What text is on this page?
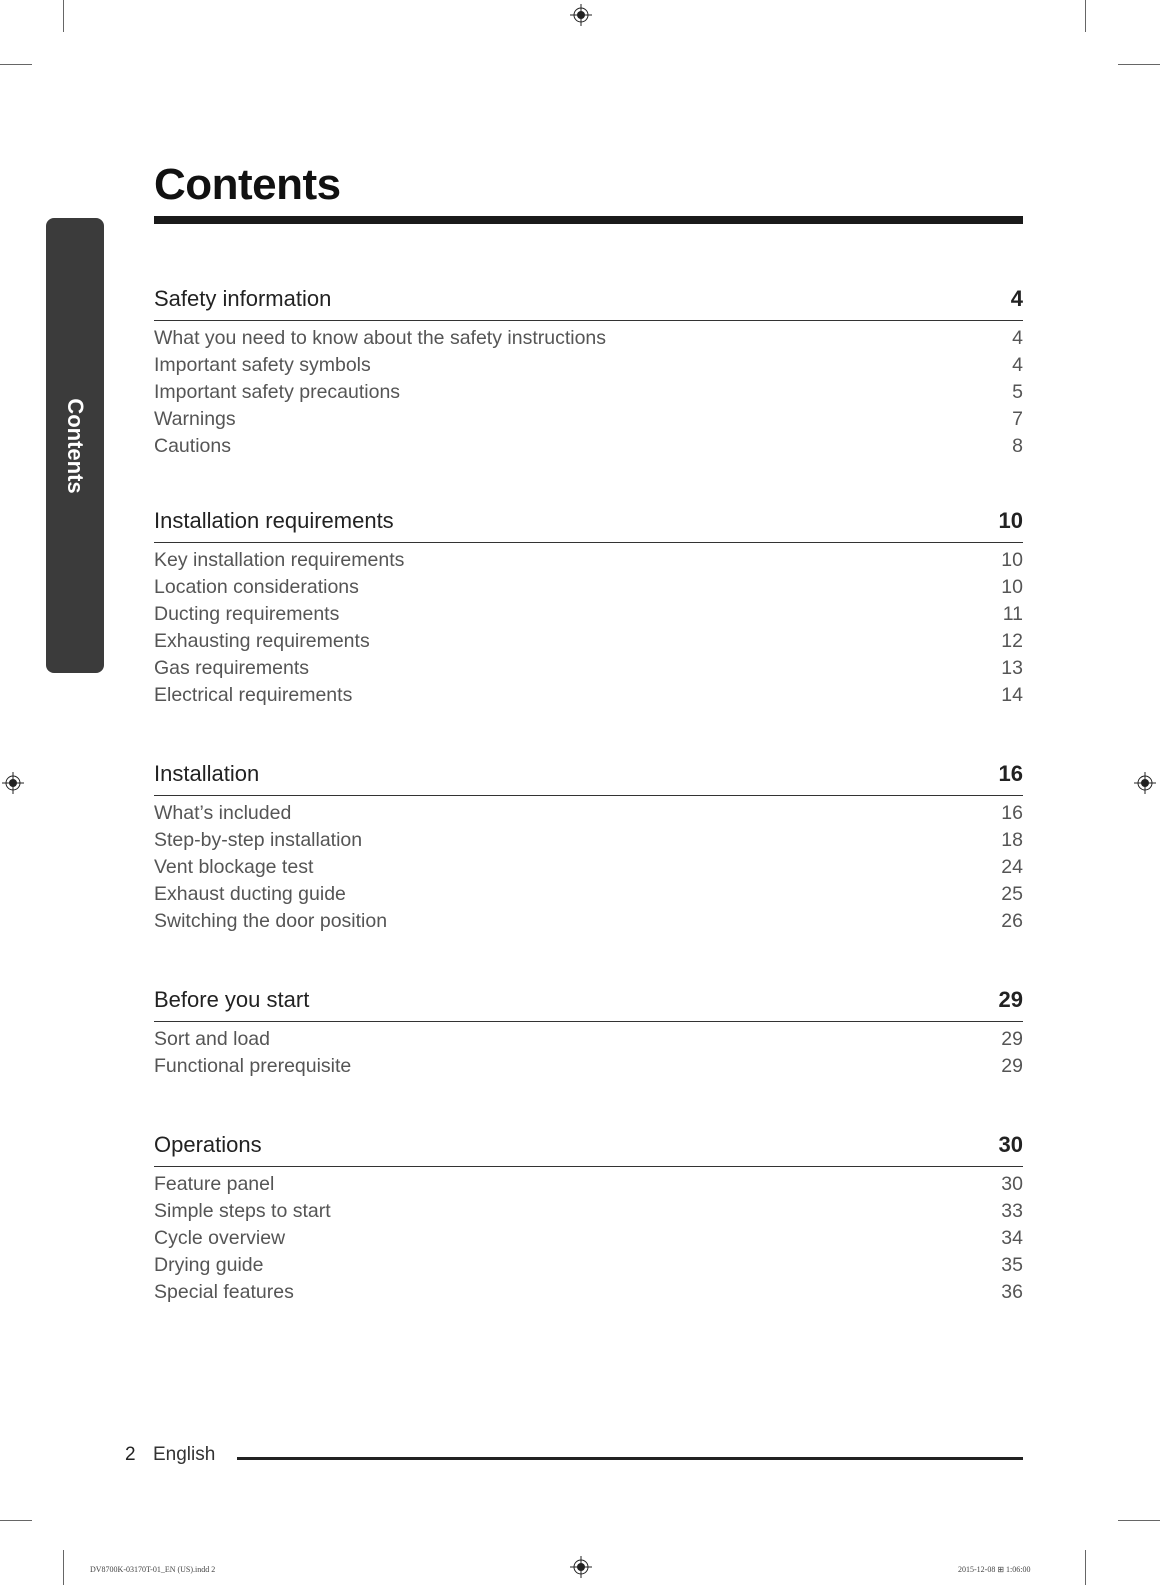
Contents
Contents
Safety information	4
What you need to know about the safety instructions	4
Important safety symbols	4
Important safety precautions	5
Warnings	7
Cautions	8
Installation requirements	10
Key installation requirements	10
Location considerations	10
Ducting requirements	11
Exhausting requirements	12
Gas requirements	13
Electrical requirements	14
Installation	16
What’s included	16
Step-by-step installation	18
Vent blockage test	24
Exhaust ducting guide	25
Switching the door position	26
Before you start	29
Sort and load	29
Functional prerequisite	29
Operations	30
Feature panel	30
Simple steps to start	33
Cycle overview	34
Drying guide	35
Special features	36
2 English
DV8700K-03170T-01_EN (US).indd 2	2015-12-08 ⊞ 1:06:00
